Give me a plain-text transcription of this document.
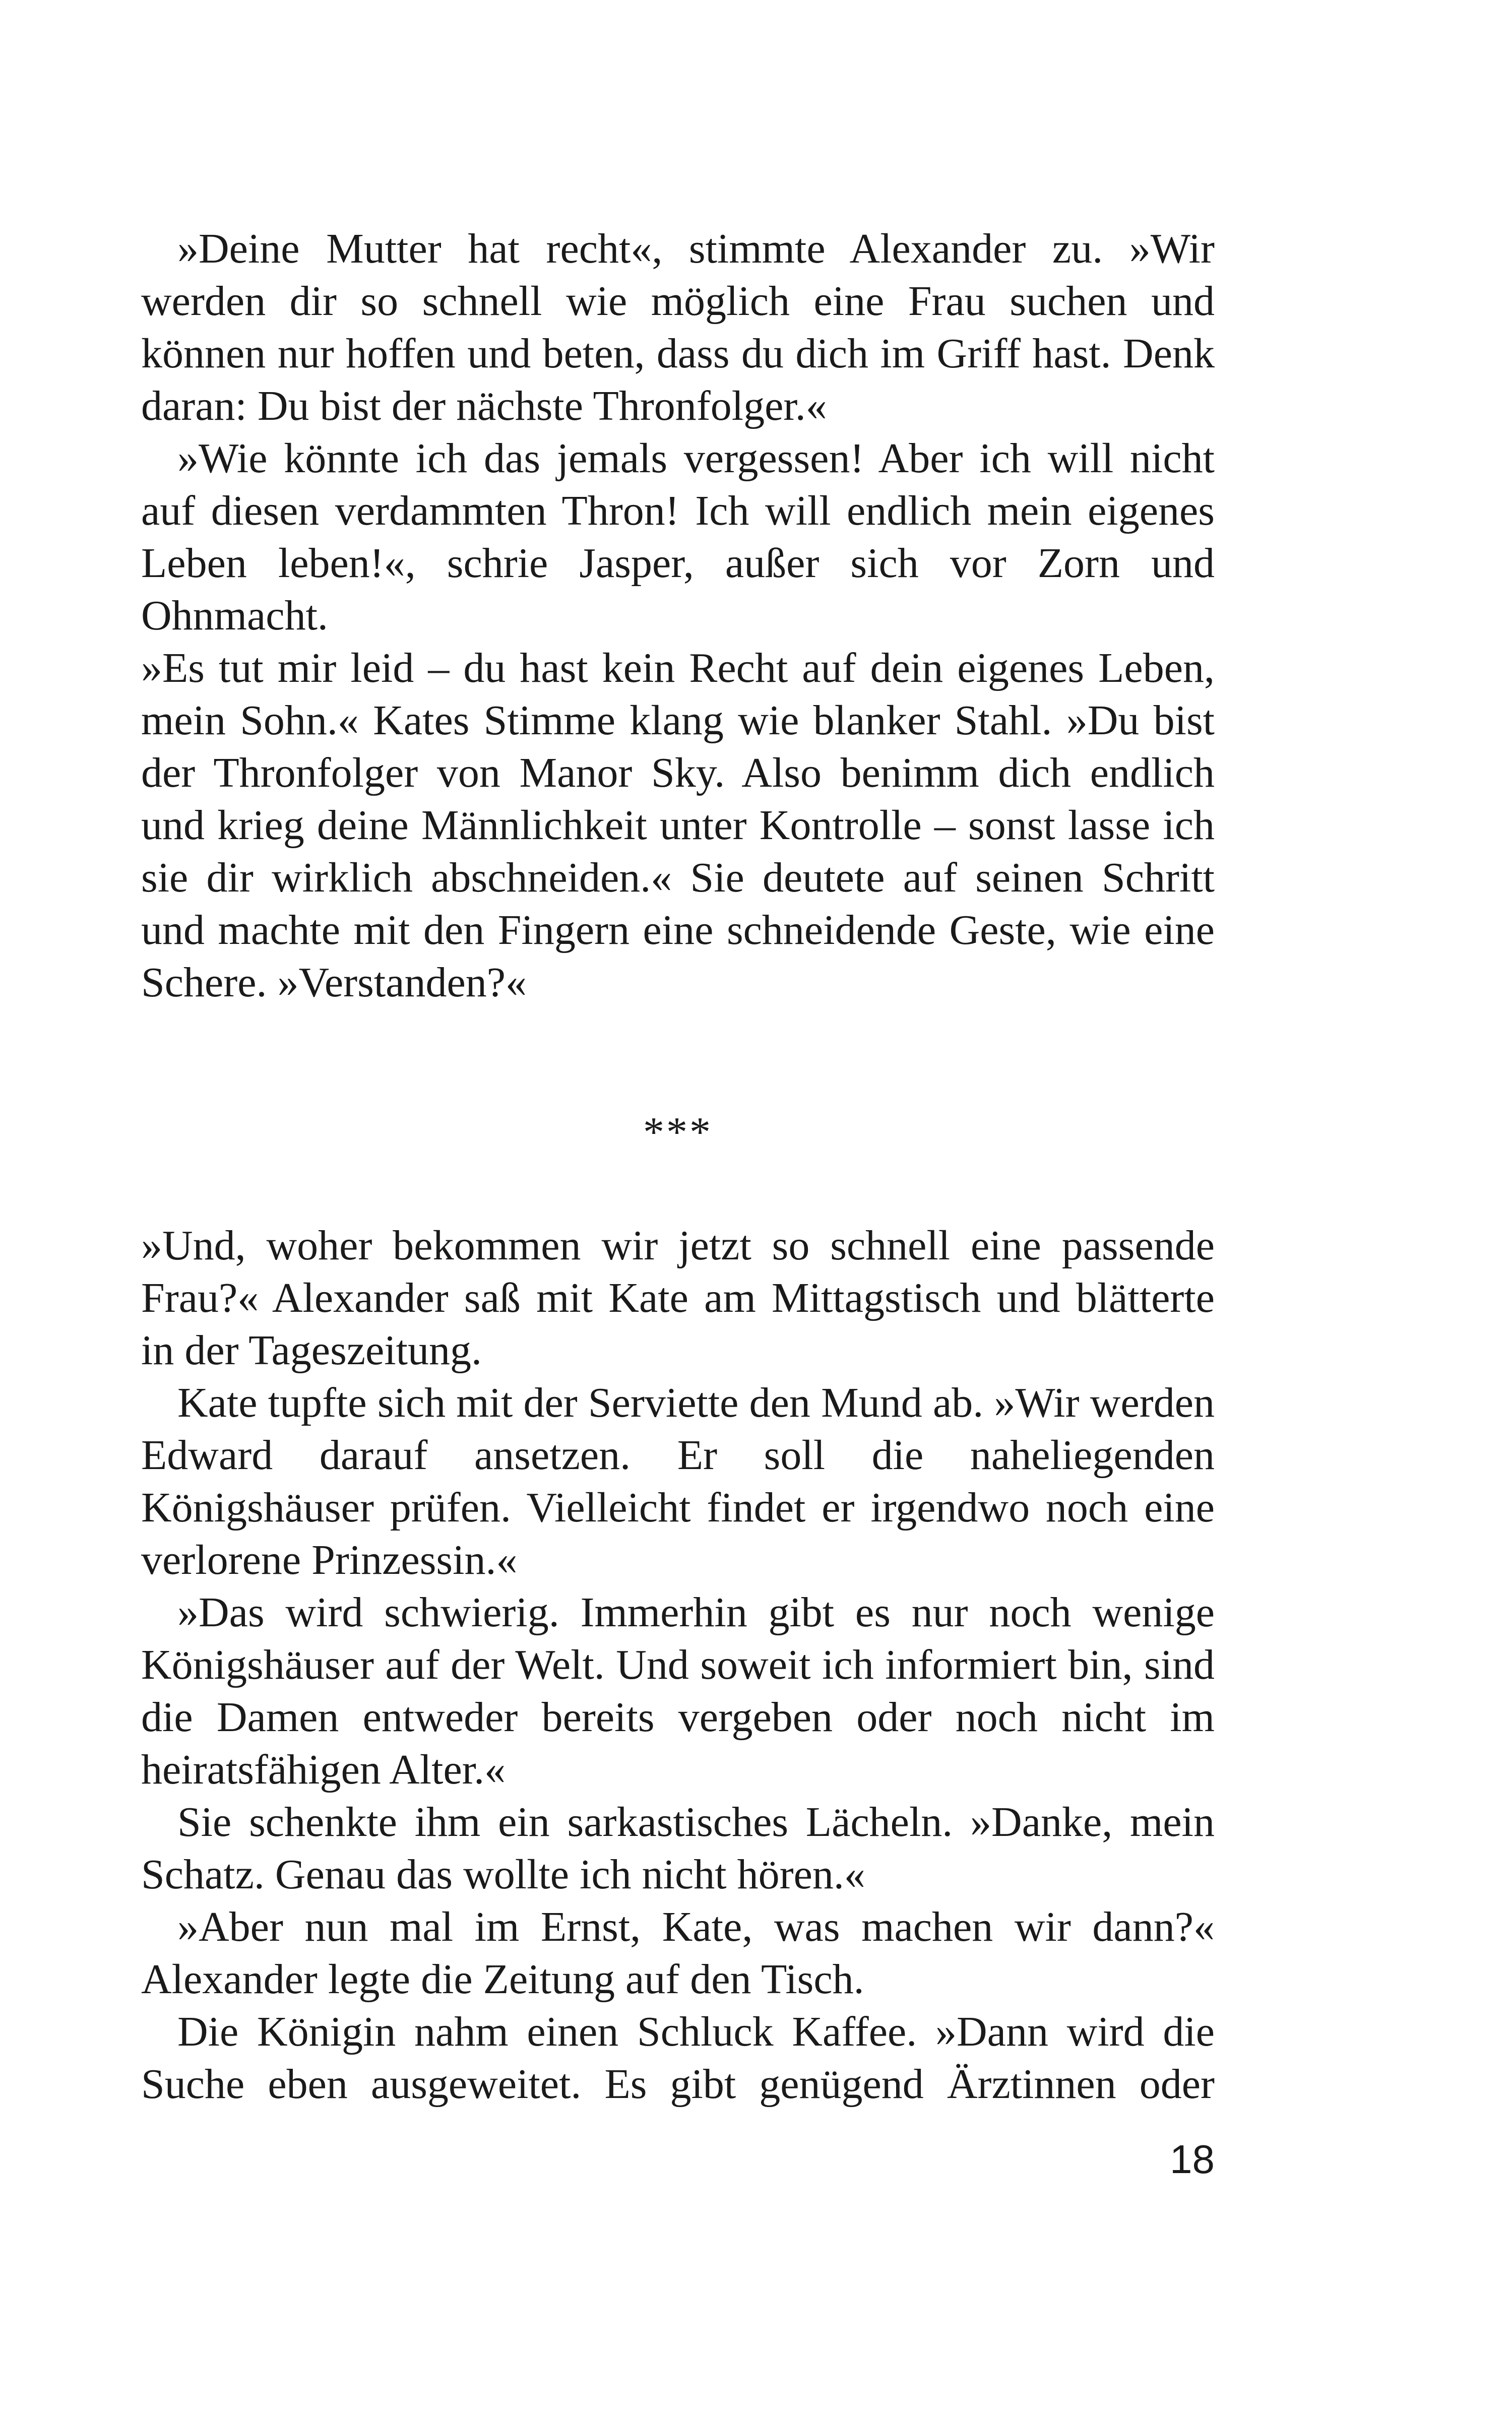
»Deine Mutter hat recht«, stimmte Alexander zu. »Wir werden dir so schnell wie möglich eine Frau suchen und können nur hoffen und beten, dass du dich im Griff hast. Denk daran: Du bist der nächste Thronfolger.«

»Wie könnte ich das jemals vergessen! Aber ich will nicht auf diesen verdammten Thron! Ich will endlich mein eigenes Leben leben!«, schrie Jasper, außer sich vor Zorn und Ohnmacht.

»Es tut mir leid – du hast kein Recht auf dein eigenes Leben, mein Sohn.« Kates Stimme klang wie blanker Stahl. »Du bist der Thronfolger von Manor Sky. Also benimm dich endlich und krieg deine Männlichkeit unter Kontrolle – sonst lasse ich sie dir wirklich abschneiden.« Sie deutete auf seinen Schritt und machte mit den Fingern eine schneidende Geste, wie eine Schere. »Verstanden?«

***

»Und, woher bekommen wir jetzt so schnell eine passende Frau?« Alexander saß mit Kate am Mittagstisch und blätterte in der Tageszeitung.

Kate tupfte sich mit der Serviette den Mund ab. »Wir werden Edward darauf ansetzen. Er soll die naheliegenden Königshäuser prüfen. Vielleicht findet er irgendwo noch eine verlorene Prinzessin.«

»Das wird schwierig. Immerhin gibt es nur noch wenige Königshäuser auf der Welt. Und soweit ich informiert bin, sind die Damen entweder bereits vergeben oder noch nicht im heiratsfähigen Alter.«

Sie schenkte ihm ein sarkastisches Lächeln. »Danke, mein Schatz. Genau das wollte ich nicht hören.«

»Aber nun mal im Ernst, Kate, was machen wir dann?« Alexander legte die Zeitung auf den Tisch.

Die Königin nahm einen Schluck Kaffee. »Dann wird die Suche eben ausgeweitet. Es gibt genügend Ärztinnen oder

18
